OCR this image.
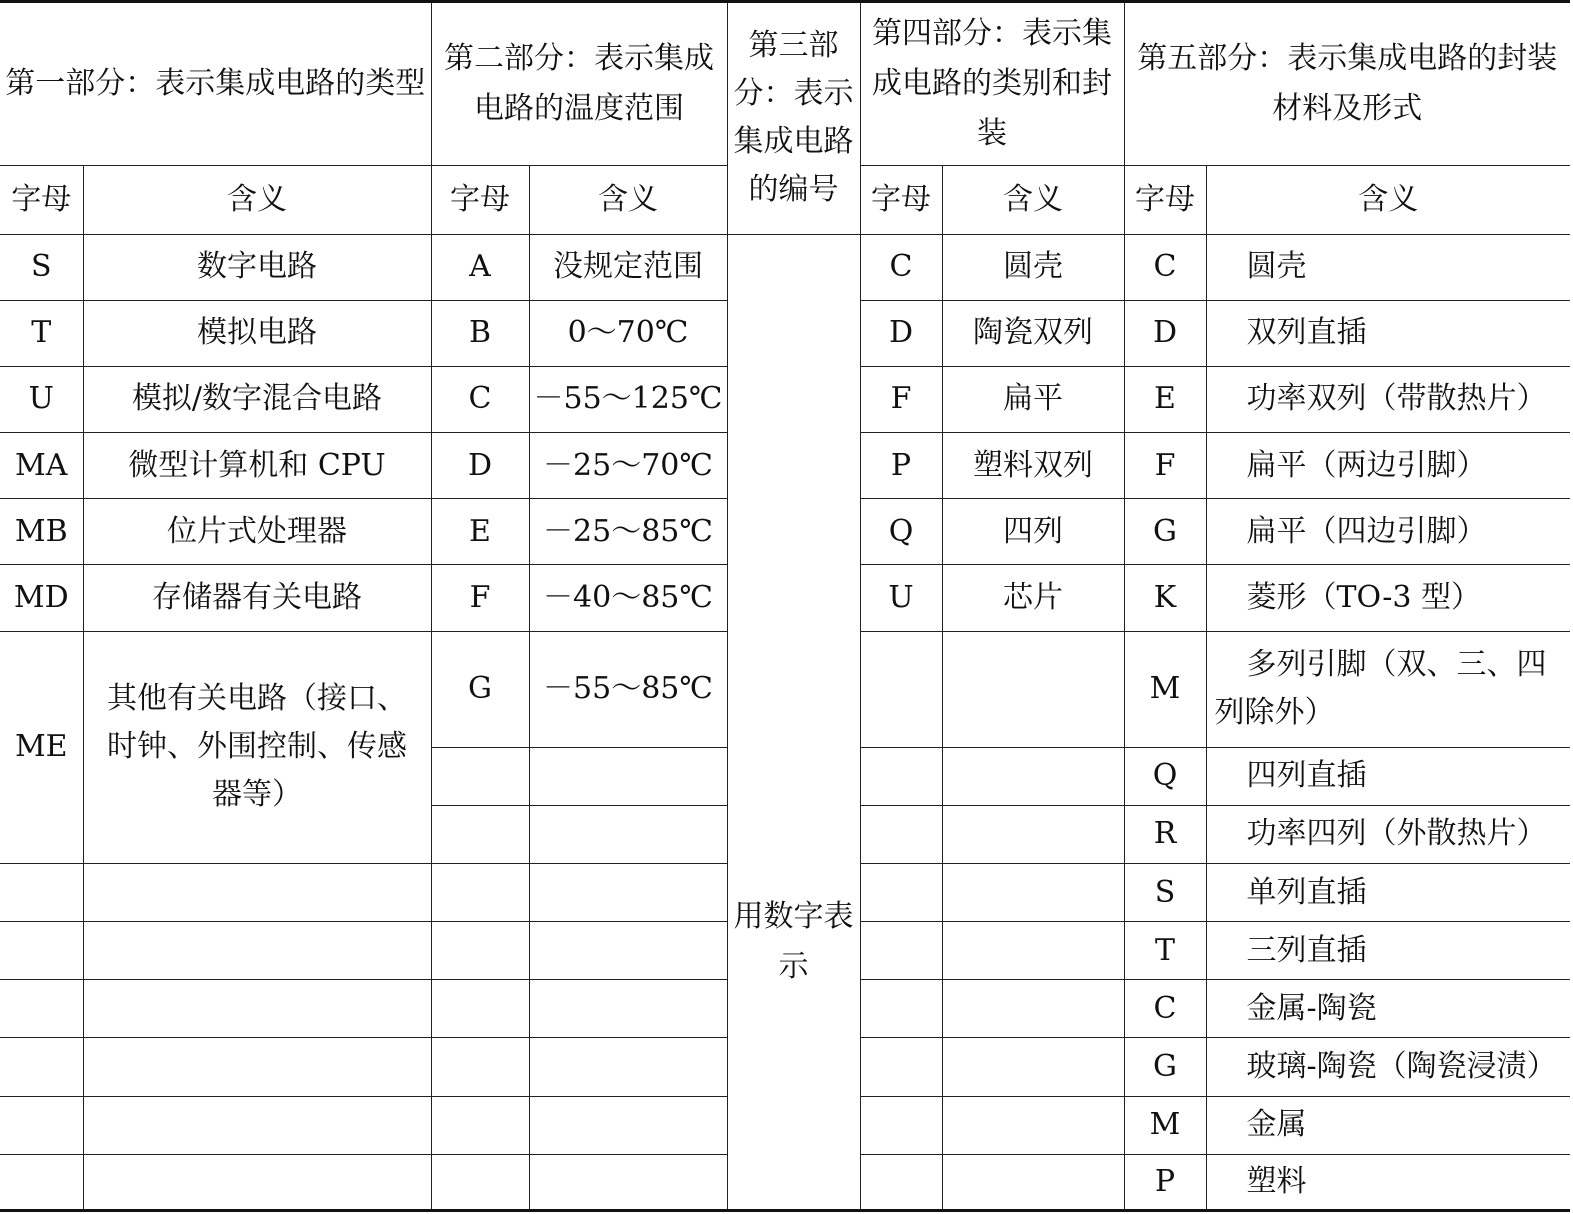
第一部分：表示集成电路的类型		第二部分：表示集成电路的温度范围		第三部分：表示集成电路的编号	第四部分：表示集成电路的类别和封装		第五部分：表示集成电路的封装材料及形式	
字母	含义	字母	含义		字母	含义	字母	含义
S	数字电路	A	没规定范围	用数字表示	C	圆壳	C	圆壳
T	模拟电路	B	0～70℃		D	陶瓷双列	D	双列直插
U	模拟/数字混合电路	C	－55～125℃		F	扁平	E	功率双列（带散热片）
MA	微型计算机和 CPU	D	－25～70℃		P	塑料双列	F	扁平（两边引脚）
MB	位片式处理器	E	－25～85℃		Q	四列	G	扁平（四边引脚）
MD	存储器有关电路	F	－40～85℃		U	芯片	K	菱形（TO-3 型）
ME	其他有关电路（接口、时钟、外围控制、传感器等）	G	－55～85℃				M	多列引脚（双、三、四列除外）
							Q	四列直插
							R	功率四列（外散热片）
							S	单列直插
							T	三列直插
							C	金属-陶瓷
							G	玻璃-陶瓷（陶瓷浸渍）
							M	金属
							P	塑料
